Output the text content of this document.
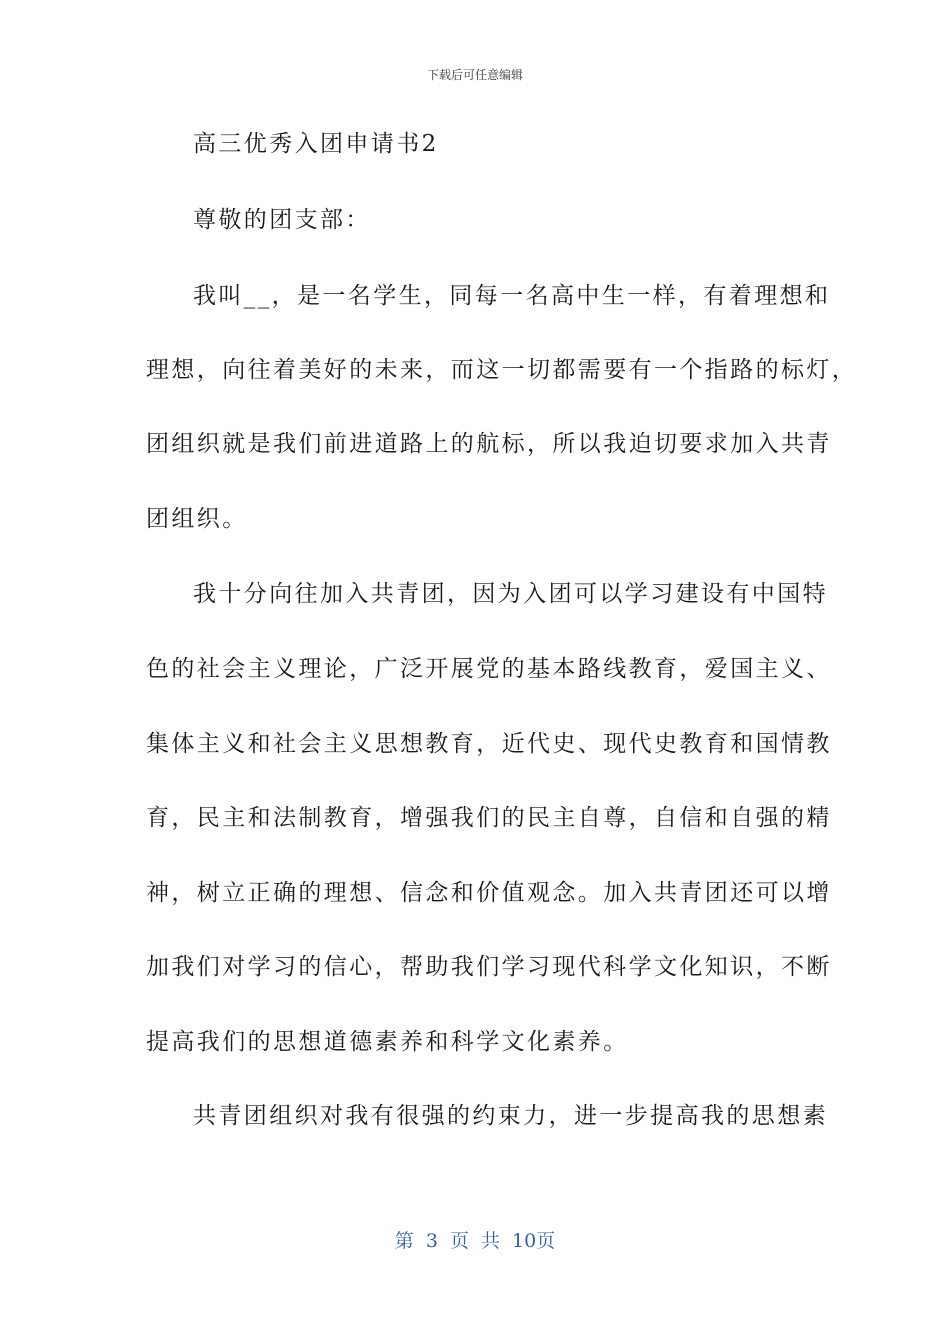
下载后可任意编辑
高三优秀入团申请书2
尊敬的团支部：
我叫__，是一名学生，同每一名高中生一样，有着理想和
理想，向往着美好的未来，而这一切都需要有一个指路的标灯，
团组织就是我们前进道路上的航标，所以我迫切要求加入共青
团组织。
我十分向往加入共青团，因为入团可以学习建设有中国特
色的社会主义理论，广泛开展党的基本路线教育，爱国主义、
集体主义和社会主义思想教育，近代史、现代史教育和国情教
育，民主和法制教育，增强我们的民主自尊，自信和自强的精
神，树立正确的理想、信念和价值观念。加入共青团还可以增
加我们对学习的信心，帮助我们学习现代科学文化知识，不断
提高我们的思想道德素养和科学文化素养。
共青团组织对我有很强的约束力，进一步提高我的思想素
第 3 页 共 10页
